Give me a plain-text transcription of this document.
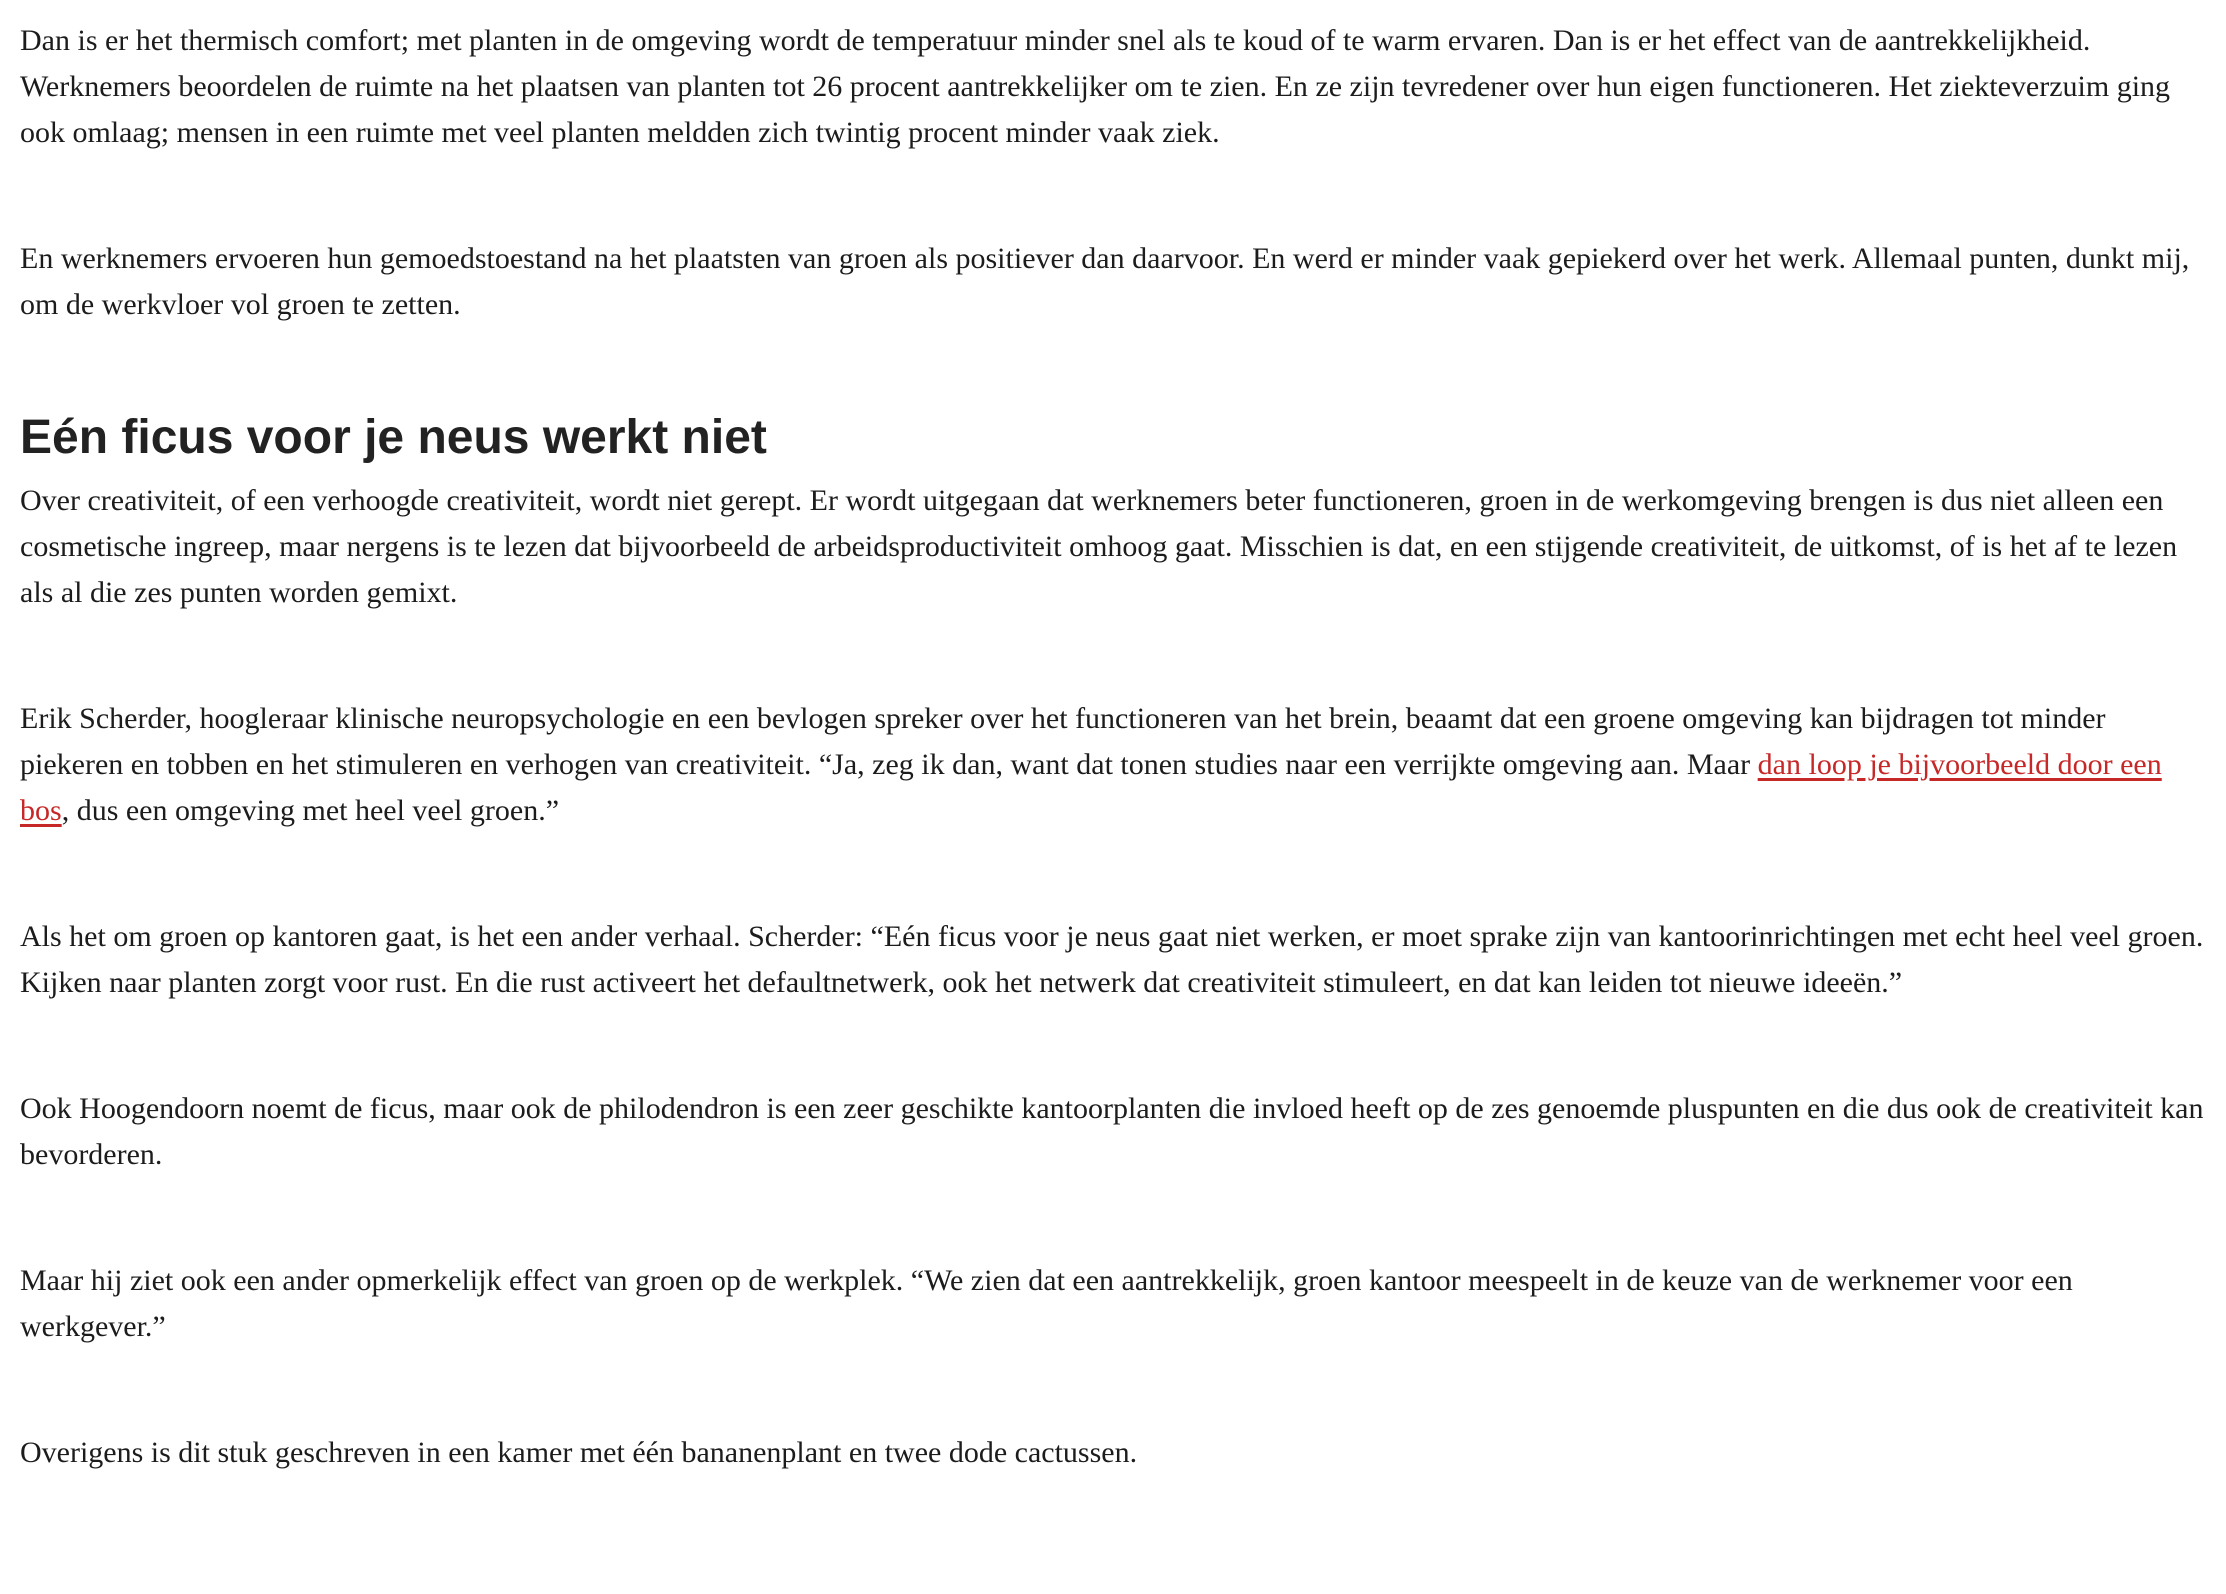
Dan is er het thermisch comfort; met planten in de omgeving wordt de temperatuur minder snel als te koud of te warm ervaren. Dan is er het effect van de aantrekkelijkheid. Werknemers beoordelen de ruimte na het plaatsen van planten tot 26 procent aantrekkelijker om te zien. En ze zijn tevredener over hun eigen functioneren. Het ziekteverzuim ging ook omlaag; mensen in een ruimte met veel planten meldden zich twintig procent minder vaak ziek.

En werknemers ervoeren hun gemoedstoestand na het plaatsten van groen als positiever dan daarvoor. En werd er minder vaak gepiekerd over het werk. Allemaal punten, dunkt mij, om de werkvloer vol groen te zetten.

Eén ficus voor je neus werkt niet

Over creativiteit, of een verhoogde creativiteit, wordt niet gerept. Er wordt uitgegaan dat werknemers beter functioneren, groen in de werkomgeving brengen is dus niet alleen een cosmetische ingreep, maar nergens is te lezen dat bijvoorbeeld de arbeidsproductiviteit omhoog gaat. Misschien is dat, en een stijgende creativiteit, de uitkomst, of is het af te lezen als al die zes punten worden gemixt.

Erik Scherder, hoogleraar klinische neuropsychologie en een bevlogen spreker over het functioneren van het brein, beaamt dat een groene omgeving kan bijdragen tot minder piekeren en tobben en het stimuleren en verhogen van creativiteit. “Ja, zeg ik dan, want dat tonen studies naar een verrijkte omgeving aan. Maar dan loop je bijvoorbeeld door een bos, dus een omgeving met heel veel groen.”

Als het om groen op kantoren gaat, is het een ander verhaal. Scherder: “Eén ficus voor je neus gaat niet werken, er moet sprake zijn van kantoorinrichtingen met echt heel veel groen. Kijken naar planten zorgt voor rust. En die rust activeert het defaultnetwerk, ook het netwerk dat creativiteit stimuleert, en dat kan leiden tot nieuwe ideeën.”

Ook Hoogendoorn noemt de ficus, maar ook de philodendron is een zeer geschikte kantoorplanten die invloed heeft op de zes genoemde pluspunten en die dus ook de creativiteit kan bevorderen.

Maar hij ziet ook een ander opmerkelijk effect van groen op de werkplek. “We zien dat een aantrekkelijk, groen kantoor meespeelt in de keuze van de werknemer voor een werkgever.”

Overigens is dit stuk geschreven in een kamer met één bananenplant en twee dode cactussen.
